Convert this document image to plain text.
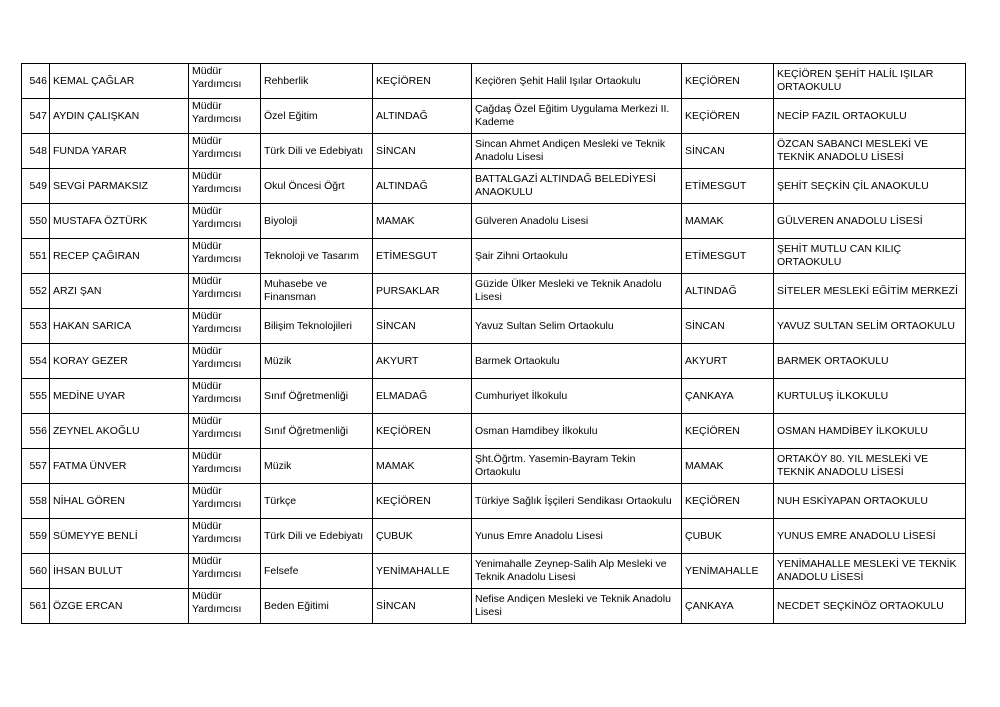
546	KEMAL ÇAĞLAR	Müdür Yardımcısı	Rehberlik	KEÇİÖREN	Keçiören Şehit Halil Işılar Ortaokulu	KEÇİÖREN	KEÇİÖREN ŞEHİT HALİL IŞILAR ORTAOKULU
547	AYDIN ÇALIŞKAN	Müdür Yardımcısı	Özel Eğitim	ALTINDAĞ	Çağdaş Özel Eğitim Uygulama Merkezi II. Kademe	KEÇİÖREN	NECİP FAZIL ORTAOKULU
548	FUNDA YARAR	Müdür Yardımcısı	Türk Dili ve Edebiyatı	SİNCAN	Sincan Ahmet Andiçen Mesleki ve Teknik Anadolu Lisesi	SİNCAN	ÖZCAN SABANCI MESLEKİ VE TEKNİK ANADOLU LİSESİ
549	SEVGİ PARMAKSIZ	Müdür Yardımcısı	Okul Öncesi Öğrt	ALTINDAĞ	BATTALGAZİ ALTINDAĞ BELEDİYESİ ANAOKULU	ETİMESGUT	ŞEHİT SEÇKİN ÇİL ANAOKULU
550	MUSTAFA ÖZTÜRK	Müdür Yardımcısı	Biyoloji	MAMAK	Gülveren Anadolu Lisesi	MAMAK	GÜLVEREN ANADOLU LİSESİ
551	RECEP ÇAĞIRAN	Müdür Yardımcısı	Teknoloji ve Tasarım	ETİMESGUT	Şair Zihni Ortaokulu	ETİMESGUT	ŞEHİT MUTLU CAN KILIÇ ORTAOKULU
552	ARZI ŞAN	Müdür Yardımcısı	Muhasebe ve Finansman	PURSAKLAR	Güzide Ülker Mesleki ve Teknik Anadolu Lisesi	ALTINDAĞ	SİTELER MESLEKİ EĞİTİM MERKEZİ
553	HAKAN SARICA	Müdür Yardımcısı	Bilişim Teknolojileri	SİNCAN	Yavuz Sultan Selim Ortaokulu	SİNCAN	YAVUZ SULTAN SELİM ORTAOKULU
554	KORAY GEZER	Müdür Yardımcısı	Müzik	AKYURT	Barmek Ortaokulu	AKYURT	BARMEK ORTAOKULU
555	MEDİNE UYAR	Müdür Yardımcısı	Sınıf Öğretmenliği	ELMADAĞ	Cumhuriyet İlkokulu	ÇANKAYA	KURTULUŞ İLKOKULU
556	ZEYNEL AKOĞLU	Müdür Yardımcısı	Sınıf Öğretmenliği	KEÇİÖREN	Osman Hamdibey İlkokulu	KEÇİÖREN	OSMAN HAMDİBEY İLKOKULU
557	FATMA ÜNVER	Müdür Yardımcısı	Müzik	MAMAK	Şht.Öğrtm. Yasemin-Bayram Tekin Ortaokulu	MAMAK	ORTAKÖY 80. YIL MESLEKİ VE TEKNİK ANADOLU LİSESİ
558	NİHAL GÖREN	Müdür Yardımcısı	Türkçe	KEÇİÖREN	Türkiye Sağlık İşçileri Sendikası Ortaokulu	KEÇİÖREN	NUH ESKİYAPAN ORTAOKULU
559	SÜMEYYE BENLİ	Müdür Yardımcısı	Türk Dili ve Edebiyatı	ÇUBUK	Yunus Emre Anadolu Lisesi	ÇUBUK	YUNUS EMRE ANADOLU LİSESİ
560	İHSAN BULUT	Müdür Yardımcısı	Felsefe	YENİMAHALLE	Yenimahalle Zeynep-Salih Alp Mesleki ve Teknik Anadolu Lisesi	YENİMAHALLE	YENİMAHALLE MESLEKİ VE TEKNİK ANADOLU LİSESİ
561	ÖZGE ERCAN	Müdür Yardımcısı	Beden Eğitimi	SİNCAN	Nefise Andiçen Mesleki ve Teknik Anadolu Lisesi	ÇANKAYA	NECDET SEÇKİNÖZ ORTAOKULU
